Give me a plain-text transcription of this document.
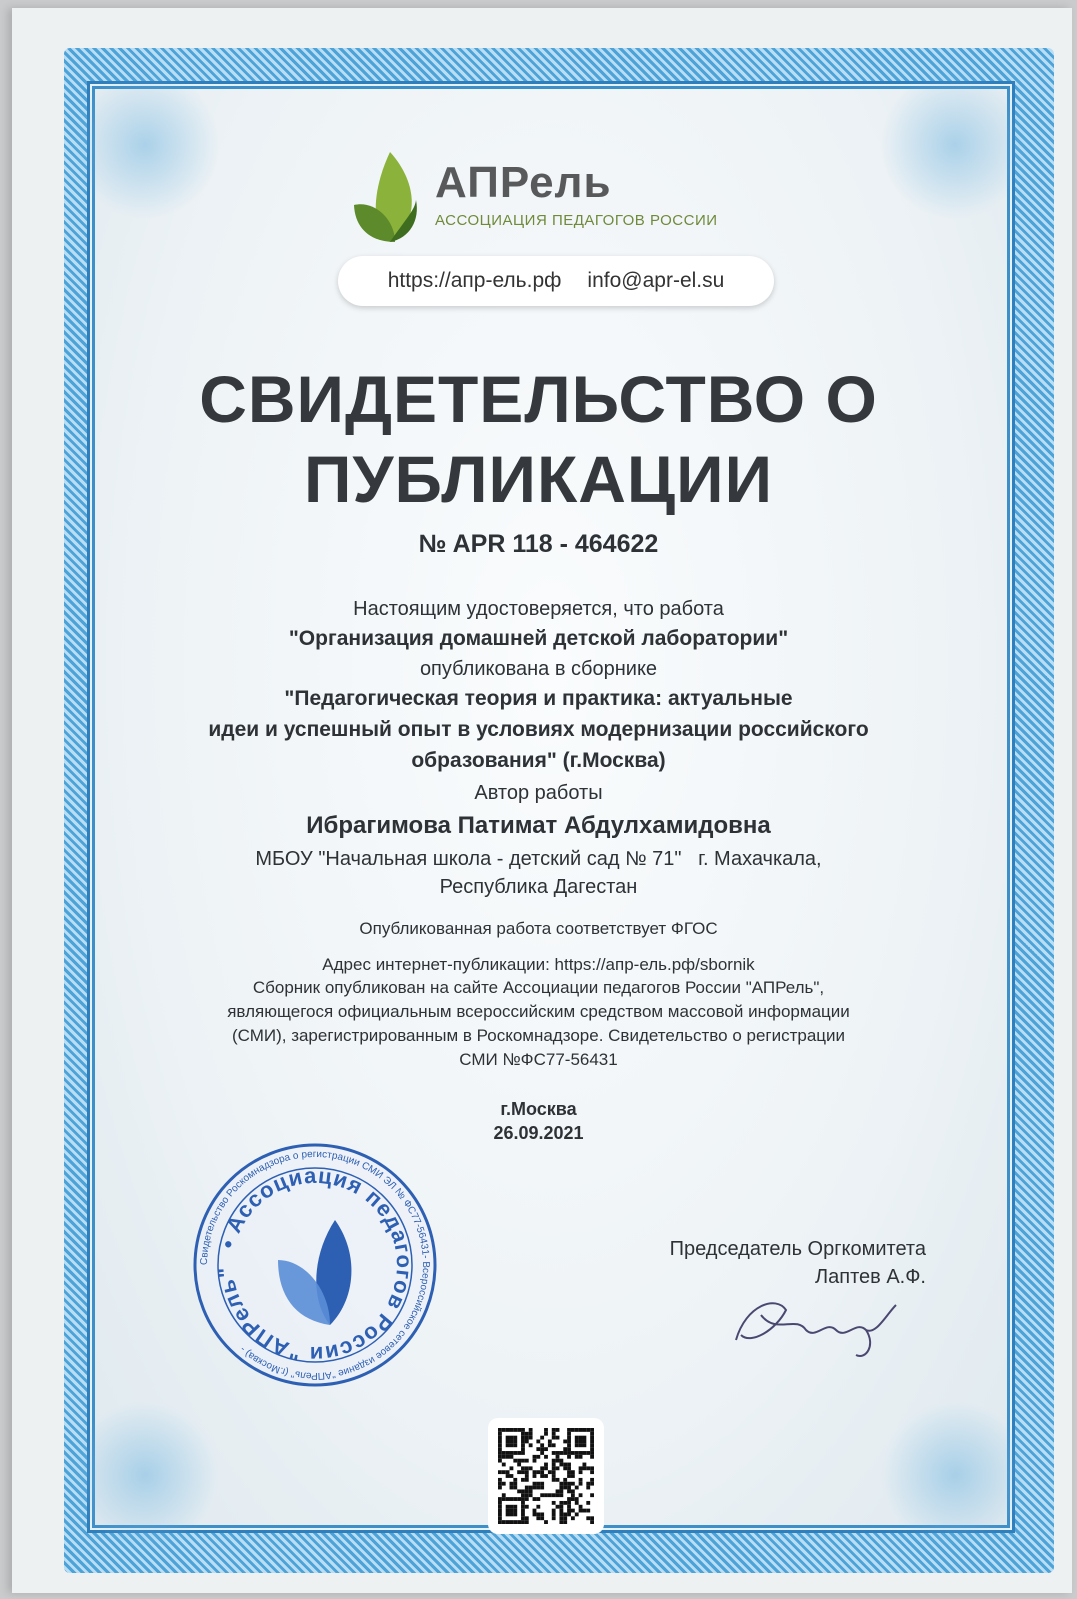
АПРель
АССОЦИАЦИЯ ПЕДАГОГОВ РОССИИ
https://апр-ель.рф info@apr-el.su
СВИДЕТЕЛЬСТВО О
ПУБЛИКАЦИИ
№ APR 118 - 464622
Настоящим удостоверяется, что работа
"Организация домашней детской лаборатории"
опубликована в сборнике
"Педагогическая теория и практика: актуальные
идеи и успешный опыт в условиях модернизации российского
образования" (г.Москва)
Автор работы
Ибрагимова Патимат Абдулхамидовна
МБОУ "Начальная школа - детский сад № 71"   г. Махачкала,
Республика Дагестан
Опубликованная работа соответствует ФГОС
Адрес интернет-публикации: https://апр-ель.рф/sbornik
Сборник опубликован на сайте Ассоциации педагогов России "АПРель",
являющегося официальным всероссийским средством массовой информации
(СМИ), зарегистрированным в Роскомнадзоре. Свидетельство о регистрации
СМИ №ФС77-56431
г.Москва
26.09.2021
Свидетельство Роскомнадзора о регистрации СМИ ЭЛ № ФС77-56431- Всероссийское сетевое издание "АПРель" (г.Москва) -
• Ассоциация педагогов России "АПРель"
Председатель Оргкомитета
Лаптев А.Ф.
